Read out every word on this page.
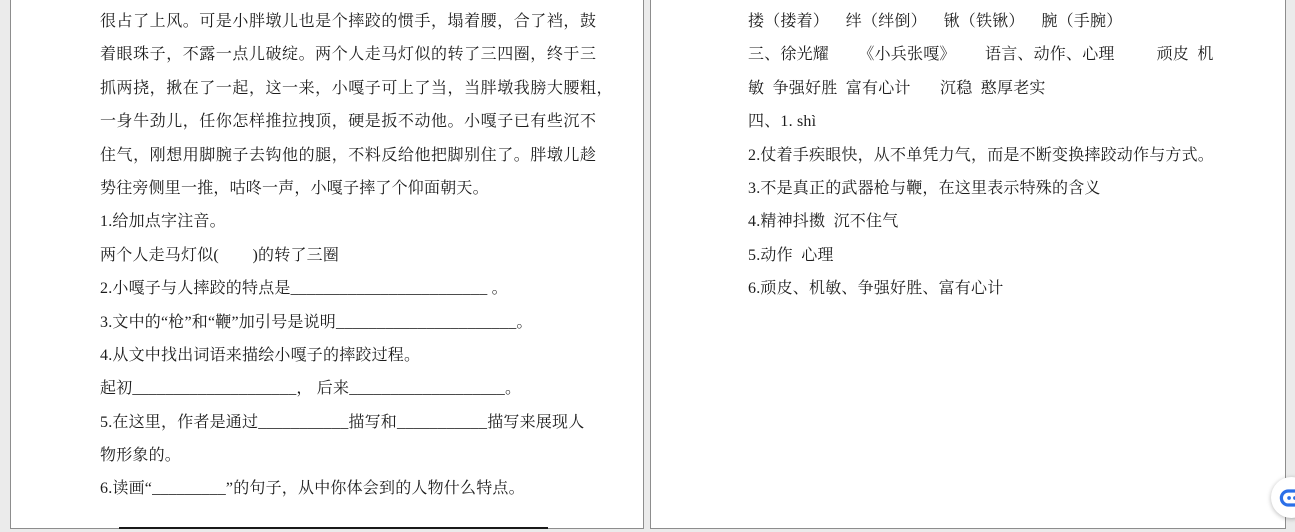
很占了上风。可是小胖墩儿也是个摔跤的惯手，塌着腰，合了裆，鼓
着眼珠子，不露一点儿破绽。两个人走马灯似的转了三四圈，终于三
抓两挠，揪在了一起，这一来，小嘎子可上了当，当胖墩我膀大腰粗，
一身牛劲儿，任你怎样推拉拽顶，硬是扳不动他。小嘎子已有些沉不
住气，刚想用脚腕子去钩他的腿，不料反给他把脚别住了。胖墩儿趁
势往旁侧里一推，咕咚一声，小嘎子摔了个仰面朝天。
1.给加点字注音。
两个人走马灯似(        )的转了三圈
2.小嘎子与人摔跤的特点是________________________ 。
3.文中的“枪”和“鞭”加引号是说明______________________。
4.从文中找出词语来描绘小嘎子的摔跤过程。
起初____________________， 后来___________________。
5.在这里，作者是通过___________描写和___________描写来展现人
物形象的。
6.读画“_________”的句子，从中你体会到的人物什么特点。
搂（搂着）    绊（绊倒）    锹（铁锹）    腕（手腕）
三、徐光耀       《小兵张嘎》       语言、动作、心理          顽皮  机
敏  争强好胜  富有心计       沉稳  憨厚老实
四、1. shì
2.仗着手疾眼快，从不单凭力气，而是不断变换摔跤动作与方式。
3.不是真正的武器枪与鞭，在这里表示特殊的含义
4.精神抖擞  沉不住气
5.动作  心理
6.顽皮、机敏、争强好胜、富有心计
